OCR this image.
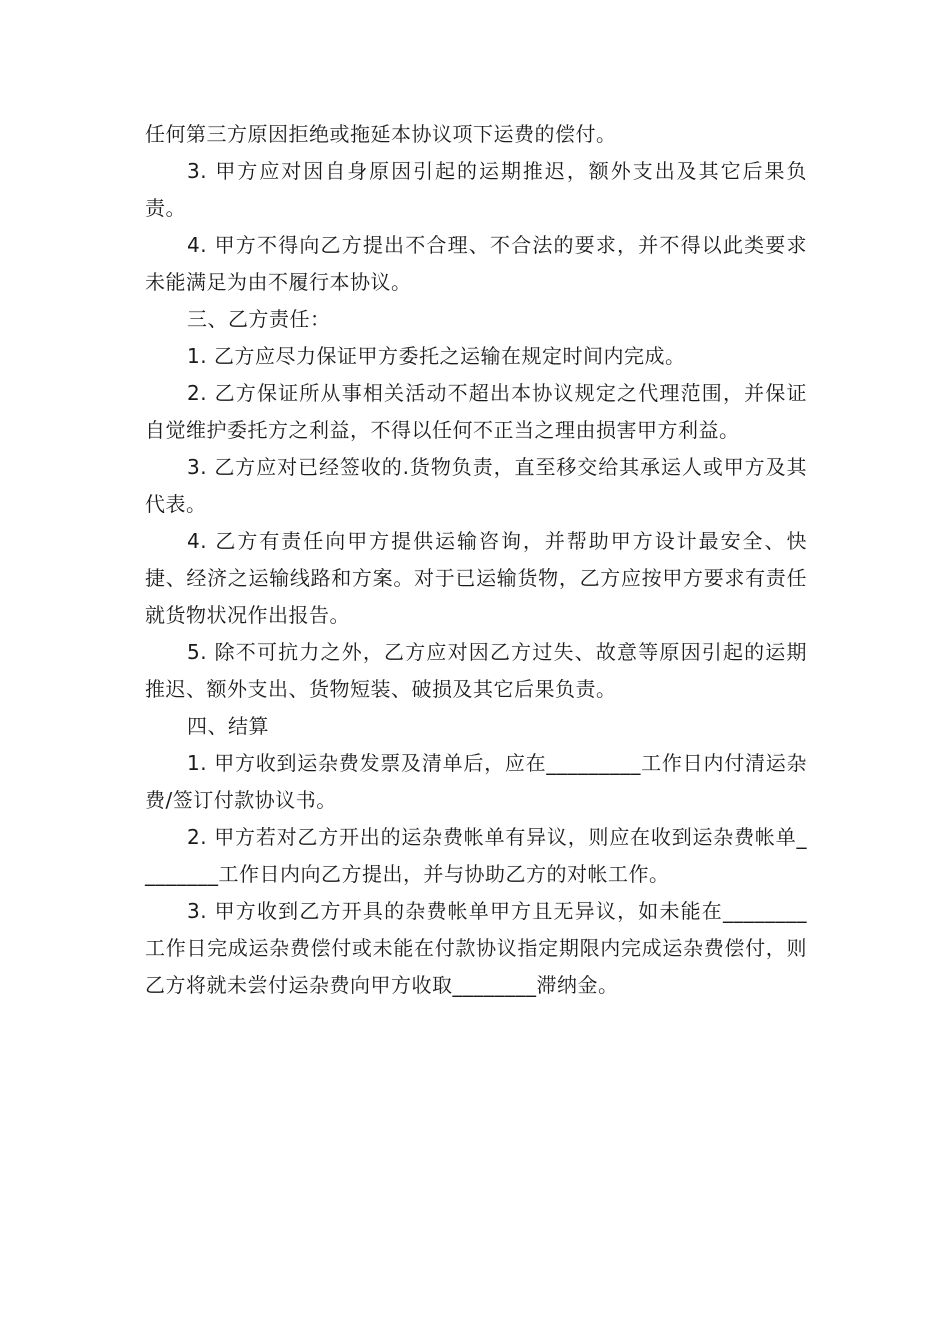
任何第三方原因拒绝或拖延本协议项下运费的偿付。

3. 甲方应对因自身原因引起的运期推迟，额外支出及其它后果负责。

4. 甲方不得向乙方提出不合理、不合法的要求，并不得以此类要求未能满足为由不履行本协议。

三、乙方责任：

1. 乙方应尽力保证甲方委托之运输在规定时间内完成。

2. 乙方保证所从事相关活动不超出本协议规定之代理范围，并保证自觉维护委托方之利益，不得以任何不正当之理由损害甲方利益。

3. 乙方应对已经签收的.货物负责，直至移交给其承运人或甲方及其代表。

4. 乙方有责任向甲方提供运输咨询，并帮助甲方设计最安全、快捷、经济之运输线路和方案。对于已运输货物，乙方应按甲方要求有责任就货物状况作出报告。

5. 除不可抗力之外，乙方应对因乙方过失、故意等原因引起的运期推迟、额外支出、货物短装、破损及其它后果负责。

四、结算

1. 甲方收到运杂费发票及清单后，应在_________工作日内付清运杂费/签订付款协议书。

2. 甲方若对乙方开出的运杂费帐单有异议，则应在收到运杂费帐单________工作日内向乙方提出，并与协助乙方的对帐工作。

3. 甲方收到乙方开具的杂费帐单甲方且无异议，如未能在________工作日完成运杂费偿付或未能在付款协议指定期限内完成运杂费偿付，则乙方将就未尝付运杂费向甲方收取________滞纳金。
